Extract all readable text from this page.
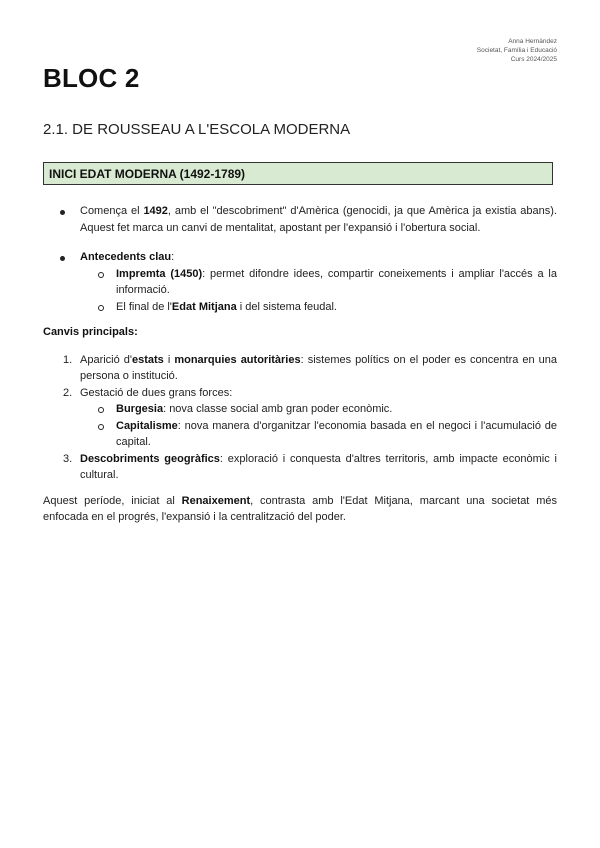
Anna Hernàndez
Societat, Família i Educació
Curs 2024/2025
BLOC 2
2.1. DE ROUSSEAU A L'ESCOLA MODERNA
INICI EDAT MODERNA (1492-1789)
Comença el 1492, amb el "descobriment" d'Amèrica (genocidi, ja que Amèrica ja existia abans). Aquest fet marca un canvi de mentalitat, apostant per l'expansió i l'obertura social.
Antecedents clau:
Impremta (1450): permet difondre idees, compartir coneixements i ampliar l'accés a la informació.
El final de l'Edat Mitjana i del sistema feudal.

Canvis principals:

1. Aparició d'estats i monarquies autoritàries: sistemes polítics on el poder es concentra en una persona o institució.
2. Gestació de dues grans forces:
Burgesia: nova classe social amb gran poder econòmic.
Capitalisme: nova manera d'organitzar l'economia basada en el negoci i l'acumulació de capital.
3. Descobriments geogràfics: exploració i conquesta d'altres territoris, amb impacte econòmic i cultural.

Aquest període, iniciat al Renaixement, contrasta amb l'Edat Mitjana, marcant una societat més enfocada en el progrés, l'expansió i la centralització del poder.
